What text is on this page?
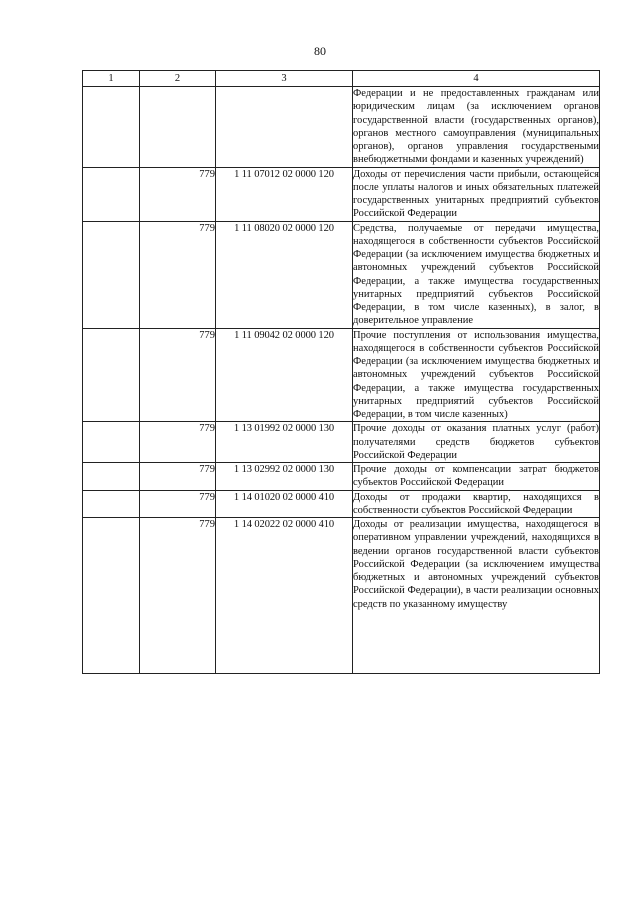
80
1	2	3	4
			Федерации и не предоставленных гражданам или юридическим лицам (за исключением органов государственной власти (государственных органов), органов местного самоуправления (муниципальных органов), органов управления государствеными внебюджетными фондами и казенных учреждений)
	779	1 11 07012 02 0000 120	Доходы от перечисления части прибыли, остающейся после уплаты налогов и иных обязательных платежей государственных унитарных предприятий субъектов Российской Федерации
	779	1 11 08020 02 0000 120	Средства, получаемые от передачи имущества, находящегося в собственности субъектов Российской Федерации (за исключением имущества бюджетных и автономных учреждений субъектов Российской Федерации, а также имущества государственных унитарных предприятий субъектов Российской Федерации, в том числе казенных), в залог, в доверительное управление
	779	1 11 09042 02 0000 120	Прочие поступления от использования имущества, находящегося в собственности субъектов Российской Федерации (за исключением имущества бюджетных и автономных учреждений субъектов Российской Федерации, а также имущества государственных унитарных предприятий субъектов Российской Федерации, в том числе казенных)
	779	1 13 01992 02 0000 130	Прочие доходы от оказания платных услуг (работ) получателями средств бюджетов субъектов Российской Федерации
	779	1 13 02992 02 0000 130	Прочие доходы от компенсации затрат бюджетов субъектов Российской Федерации
	779	1 14 01020 02 0000 410	Доходы от продажи квартир, находящихся в собственности субъектов Российской Федерации
	779	1 14 02022 02 0000 410	Доходы от реализации имущества, находящегося в оперативном управлении учреждений, находящихся в ведении органов государственной власти субъектов Российской Федерации (за исключением имущества бюджетных и автономных учреждений субъектов Российской Федерации), в части реализации основных средств по указанному имуществу
